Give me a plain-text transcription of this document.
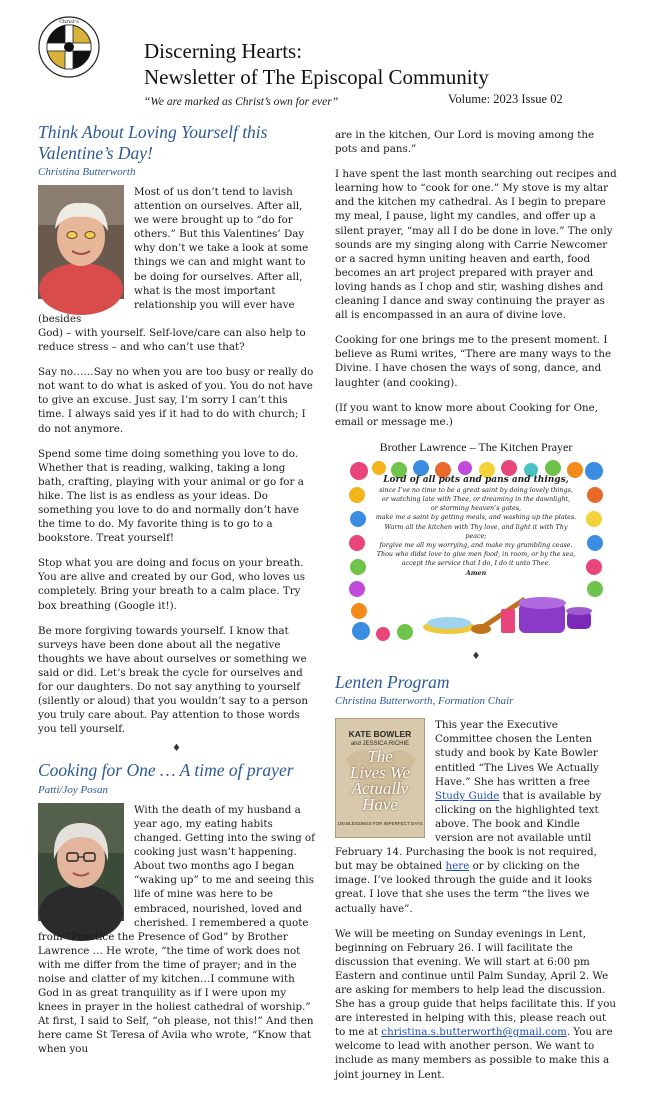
Christ's
Discerning Hearts:
Newsletter of The Episcopal Community
“We are marked as Christ’s own for ever”	Volume: 2023 Issue 02
Think About Loving Yourself this
Valentine’s Day!
Christina Butterworth
Most of us don’t tend to lavish
attention on ourselves. After all,
we were brought up to “do for
others.” But this Valentines’ Day
why don’t we take a look at some
things we can and might want to
be doing for ourselves. After all,
what is the most important
relationship you will ever have (besides
God) – with yourself. Self-love/care can also help to reduce stress – and who can’t use that?

Say no……Say no when you are too busy or really do not want to do what is asked of you. You do not have to give an excuse. Just say, I’m sorry I can’t this time. I always said yes if it had to do with church; I do not anymore.

Spend some time doing something you love to do. Whether that is reading, walking, taking a long bath, crafting, playing with your animal or go for a hike. The list is as endless as your ideas. Do something you love to do and normally don’t have the time to do. My favorite thing is to go to a bookstore. Treat yourself!

Stop what you are doing and focus on your breath. You are alive and created by our God, who loves us completely. Bring your breath to a calm place. Try box breathing (Google it!).

Be more forgiving towards yourself. I know that surveys have been done about all the negative thoughts we have about ourselves or something we said or did. Let’s break the cycle for ourselves and for our daughters. Do not say anything to yourself (silently or aloud) that you wouldn’t say to a person you truly care about. Pay attention to those words you tell yourself.

♦
Cooking for One … A time of prayer
Patti/Joy Posan
With the death of my husband a
year ago, my eating habits
changed. Getting into the swing of
cooking just wasn’t happening.
About two months ago I began
“waking up” to me and seeing this
life of mine was here to be
embraced, nourished, loved and
cherished. I remembered a quote
from “Practice the Presence of God” by Brother Lawrence … He wrote, “the time of work does not with me differ from the time of prayer; and in the noise and clatter of my kitchen…I commune with God in as great tranquility as if I were upon my knees in prayer in the holiest cathedral of worship.” At first, I said to Self, “oh please, not this!” And then here came St Teresa of Avila who wrote, “Know that when you

are in the kitchen, Our Lord is moving among the pots and pans.”

I have spent the last month searching out recipes and learning how to “cook for one.” My stove is my altar and the kitchen my cathedral. As I begin to prepare my meal, I pause, light my candles, and offer up a silent prayer, “may all I do be done in love.” The only sounds are my singing along with Carrie Newcomer or a sacred hymn uniting heaven and earth, food becomes an art project prepared with prayer and loving hands as I chop and stir, washing dishes and cleaning I dance and sway continuing the prayer as all is encompassed in an aura of divine love.

Cooking for one brings me to the present moment. I believe as Rumi writes, “There are many ways to the Divine. I have chosen the ways of song, dance, and laughter (and cooking).

(If you want to know more about Cooking for One, email or message me.)

Brother Lawrence – The Kitchen Prayer
Lord of all pots and pans and things,
since I’ve no time to be a great saint by doing lovely things,
or watching late with Thee, or dreaming in the dawnlight,
or storming heaven’s gates,
make me a saint by getting meals, and washing up the plates.
Warm all the kitchen with Thy love, and light it with Thy peace;
forgive me all my worrying, and make my grumbling cease.
Thou who didst love to give men food, in room, or by the sea,
accept the service that I do, I do it unto Thee.
Amen
♦
Lenten Program
Christina Butterworth, Formation Chair
KATE BOWLER
and JESSICA RICHIE
The
Lives We
Actually
Have
100 BLESSINGS FOR IMPERFECT DAYS
This year the Executive
Committee chosen the Lenten
study and book by Kate Bowler
entitled “The Lives We Actually
Have.” She has written a free
Study Guide that is available by
clicking on the highlighted text
above. The book and Kindle
version are not available until
February 14. Purchasing the book is not required, but may be obtained here or by clicking on the image. I’ve looked through the guide and it looks great. I love that she uses the term “the lives we actually have”.

We will be meeting on Sunday evenings in Lent, beginning on February 26. I will facilitate the discussion that evening. We will start at 6:00 pm Eastern and continue until Palm Sunday, April 2. We are asking for members to help lead the discussion. She has a group guide that helps facilitate this. If you are interested in helping with this, please reach out to me at christina.s.butterworth@gmail.com. You are welcome to lead with another person. We want to include as many members as possible to make this a joint journey in Lent.
